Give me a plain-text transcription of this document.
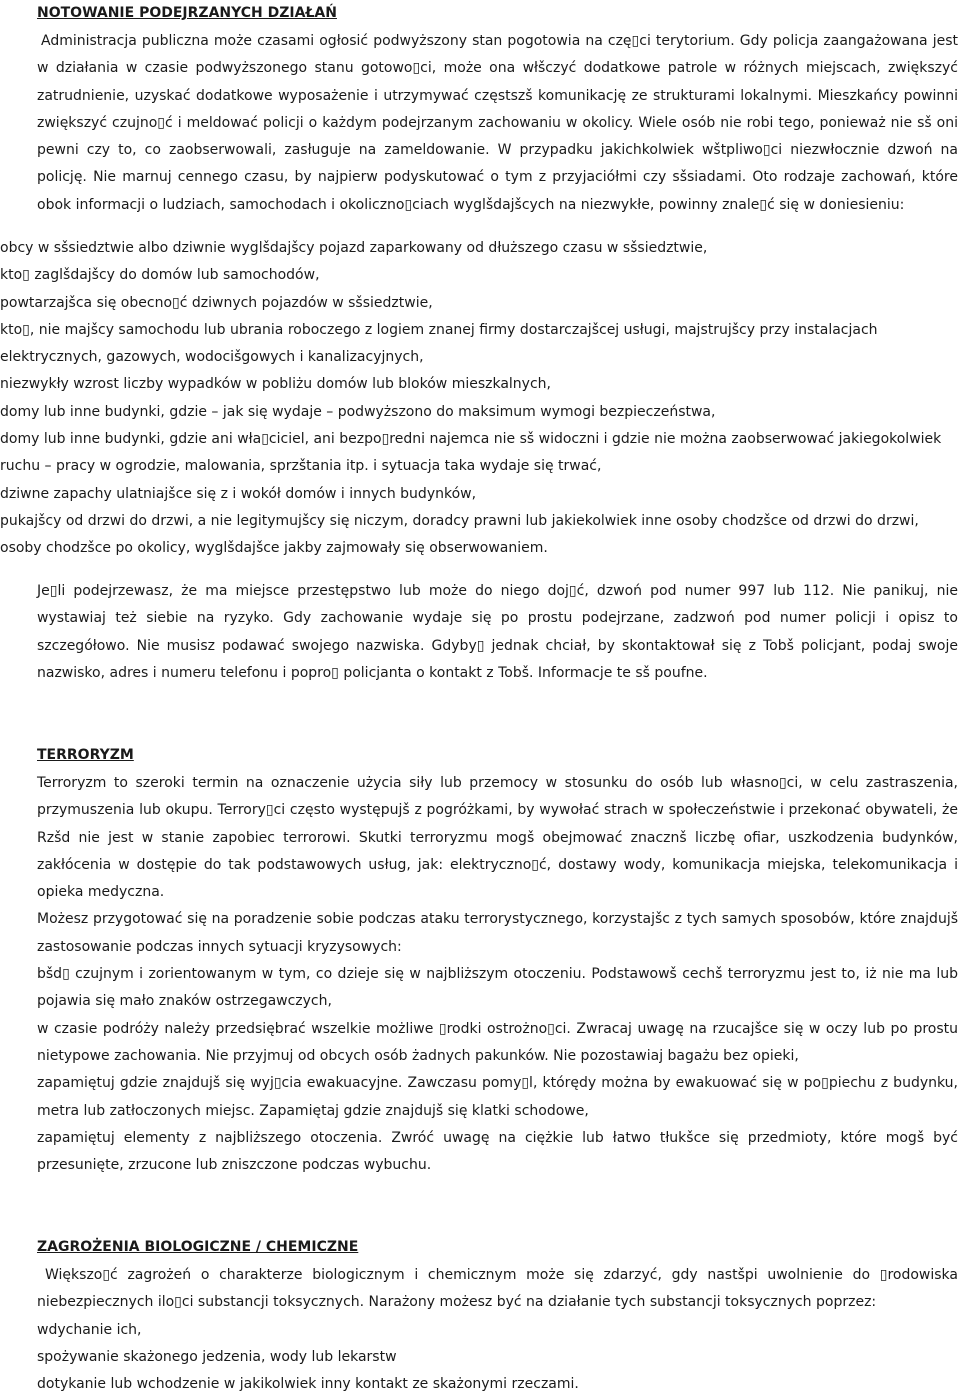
NOTOWANIE PODEJRZANYCH DZIAŁAŃ

Administracja publiczna może czasami ogłosić podwyższony stan pogotowia na czę▯ci terytorium. Gdy policja zaangażowana jest w działania w czasie podwyższonego stanu gotowo▯ci, może ona włšczyć dodatkowe patrole w różnych miejscach, zwiększyć zatrudnienie, uzyskać dodatkowe wyposażenie i utrzymywać częstszš komunikację ze strukturami lokalnymi. Mieszkańcy powinni zwiększyć czujno▯ć i meldować policji o każdym podejrzanym zachowaniu w okolicy. Wiele osób nie robi tego, ponieważ nie sš oni pewni czy to, co zaobserwowali, zasługuje na zameldowanie. W przypadku jakichkolwiek wštpliwo▯ci niezwłocznie dzwoń na policję. Nie marnuj cennego czasu, by najpierw podyskutować o tym z przyjaciółmi czy sšsiadami. Oto rodzaje zachowań, które obok informacji o ludziach, samochodach i okoliczno▯ciach wyglšdajšcych na niezwykłe, powinny znale▯ć się w doniesieniu:

obcy w sšsiedztwie albo dziwnie wyglšdajšcy pojazd zaparkowany od dłuższego czasu w sšsiedztwie,
kto▯ zaglšdajšcy do domów lub samochodów,
powtarzajšca się obecno▯ć dziwnych pojazdów w sšsiedztwie,
kto▯, nie majšcy samochodu lub ubrania roboczego z logiem znanej firmy dostarczajšcej usługi, majstrujšcy przy instalacjach elektrycznych, gazowych, wodocišgowych i kanalizacyjnych,
niezwykły wzrost liczby wypadków w pobliżu domów lub bloków mieszkalnych,
domy lub inne budynki, gdzie – jak się wydaje – podwyższono do maksimum wymogi bezpieczeństwa,
domy lub inne budynki, gdzie ani wła▯ciciel, ani bezpo▯redni najemca nie sš widoczni i gdzie nie można zaobserwować jakiegokolwiek ruchu – pracy w ogrodzie, malowania, sprzštania itp. i sytuacja taka wydaje się trwać,
dziwne zapachy ulatniajšce się z i wokół domów i innych budynków,
pukajšcy od drzwi do drzwi, a nie legitymujšcy się niczym, doradcy prawni lub jakiekolwiek inne osoby chodzšce od drzwi do drzwi,
osoby chodzšce po okolicy, wyglšdajšce jakby zajmowały się obserwowaniem.

Je▯li podejrzewasz, że ma miejsce przestępstwo lub może do niego doj▯ć, dzwoń pod numer 997 lub 112. Nie panikuj, nie wystawiaj też siebie na ryzyko. Gdy zachowanie wydaje się po prostu podejrzane, zadzwoń pod numer policji i opisz to szczegółowo. Nie musisz podawać swojego nazwiska. Gdyby▯ jednak chciał, by skontaktował się z Tobš policjant, podaj swoje nazwisko, adres i numeru telefonu i popro▯ policjanta o kontakt z Tobš. Informacje te sš poufne.

TERRORYZM

Terroryzm to szeroki termin na oznaczenie użycia siły lub przemocy w stosunku do osób lub własno▯ci, w celu zastraszenia, przymuszenia lub okupu. Terrory▯ci często występujš z pogróżkami, by wywołać strach w społeczeństwie i przekonać obywateli, że Rzšd nie jest w stanie zapobiec terrorowi. Skutki terroryzmu mogš obejmować znacznš liczbę ofiar, uszkodzenia budynków, zakłócenia w dostępie do tak podstawowych usług, jak: elektryczno▯ć, dostawy wody, komunikacja miejska, telekomunikacja i opieka medyczna.

Możesz przygotować się na poradzenie sobie podczas ataku terrorystycznego, korzystajšc z tych samych sposobów, które znajdujš zastosowanie podczas innych sytuacji kryzysowych:

bšd▯ czujnym i zorientowanym w tym, co dzieje się w najbliższym otoczeniu. Podstawowš cechš terroryzmu jest to, iż nie ma lub pojawia się mało znaków ostrzegawczych,
w czasie podróży należy przedsiębrać wszelkie możliwe ▯rodki ostrożno▯ci. Zwracaj uwagę na rzucajšce się w oczy lub po prostu nietypowe zachowania. Nie przyjmuj od obcych osób żadnych pakunków. Nie pozostawiaj bagażu bez opieki,
zapamiętuj gdzie znajdujš się wyj▯cia ewakuacyjne. Zawczasu pomy▯l, którędy można by ewakuować się w po▯piechu z budynku, metra lub zatłoczonych miejsc. Zapamiętaj gdzie znajdujš się klatki schodowe,
zapamiętuj elementy z najbliższego otoczenia. Zwróć uwagę na ciężkie lub łatwo tłukšce się przedmioty, które mogš być przesunięte, zrzucone lub zniszczone podczas wybuchu.
ZAGROŻENIA BIOLOGICZNE / CHEMICZNE

Większo▯ć zagrożeń o charakterze biologicznym i chemicznym może się zdarzyć, gdy nastšpi uwolnienie do ▯rodowiska niebezpiecznych ilo▯ci substancji toksycznych. Narażony możesz być na działanie tych substancji toksycznych poprzez:

wdychanie ich,
spożywanie skażonego jedzenia, wody lub lekarstw
dotykanie lub wchodzenie w jakikolwiek inny kontakt ze skażonymi rzeczami.
